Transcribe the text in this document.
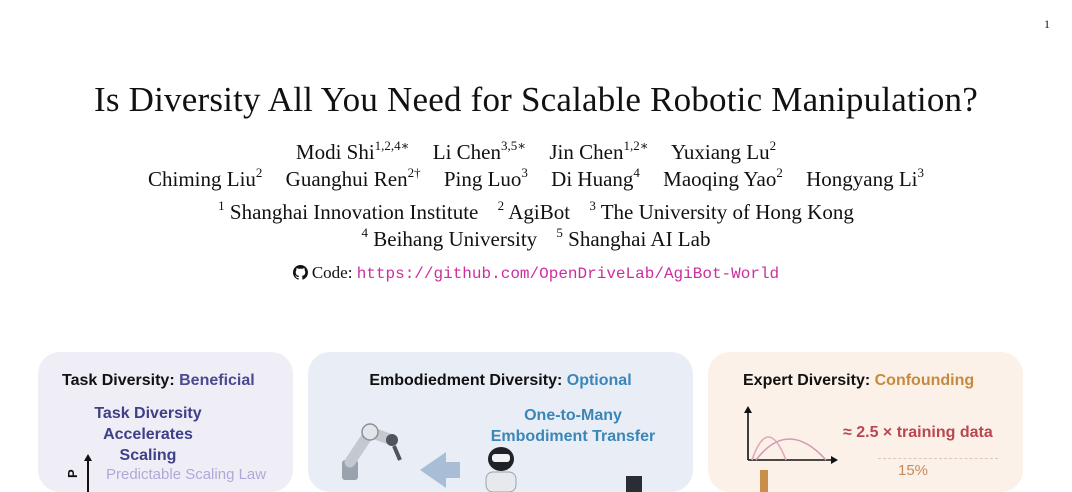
1
Is Diversity All You Need for Scalable Robotic Manipulation?
Modi Shi$^{1,2,4∗}$ Li Chen$^{3,5∗}$ Jin Chen$^{1,2∗}$ Yuxiang Lu$^2$
Chiming Liu$^2$ Guanghui Ren$^{2\dagger}$ Ping Luo$^3$ Di Huang$^4$ Maoqing Yao$^2$ Hongyang Li$^3$
$^1$ Shanghai Innovation Institute $^2$ AgiBot $^3$ The University of Hong Kong
$^4$ Beihang University $^5$ Shanghai AI Lab
Code: https://github.com/OpenDriveLab/AgiBot-World
Task Diversity: Beneficial
Task Diversity
Accelerates Scaling
P Predictable Scaling Law
Embodiedment Diversity: Optional
One-to-Many
Embodiment Transfer
Expert Diversity: Confounding
≈ 2.5 × training data
15%
